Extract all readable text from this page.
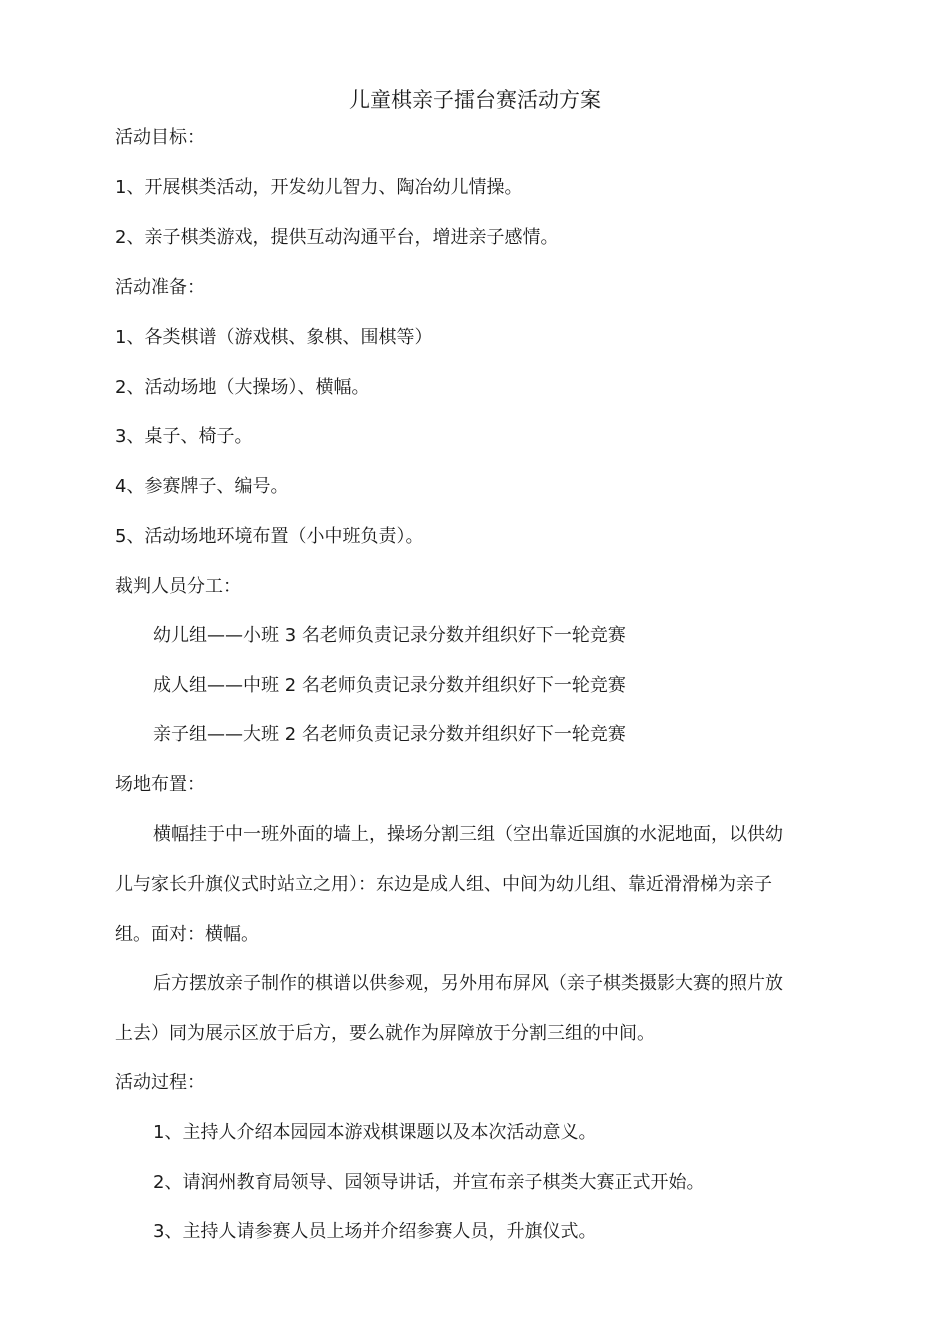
儿童棋亲子擂台赛活动方案
活动目标：
1、开展棋类活动，开发幼儿智力、陶冶幼儿情操。
2、亲子棋类游戏，提供互动沟通平台，增进亲子感情。
活动准备：
1、各类棋谱（游戏棋、象棋、围棋等）
2、活动场地（大操场）、横幅。
3、桌子、椅子。
4、参赛牌子、编号。
5、活动场地环境布置（小中班负责）。
裁判人员分工：
幼儿组——小班 3 名老师负责记录分数并组织好下一轮竞赛
成人组——中班 2 名老师负责记录分数并组织好下一轮竞赛
亲子组——大班 2 名老师负责记录分数并组织好下一轮竞赛
场地布置：
横幅挂于中一班外面的墙上，操场分割三组（空出靠近国旗的水泥地面，以供幼
儿与家长升旗仪式时站立之用）：东边是成人组、中间为幼儿组、靠近滑滑梯为亲子
组。面对：横幅。
后方摆放亲子制作的棋谱以供参观，另外用布屏风（亲子棋类摄影大赛的照片放
上去）同为展示区放于后方，要么就作为屏障放于分割三组的中间。
活动过程：
1、主持人介绍本园园本游戏棋课题以及本次活动意义。
2、请润州教育局领导、园领导讲话，并宣布亲子棋类大赛正式开始。
3、主持人请参赛人员上场并介绍参赛人员，升旗仪式。
